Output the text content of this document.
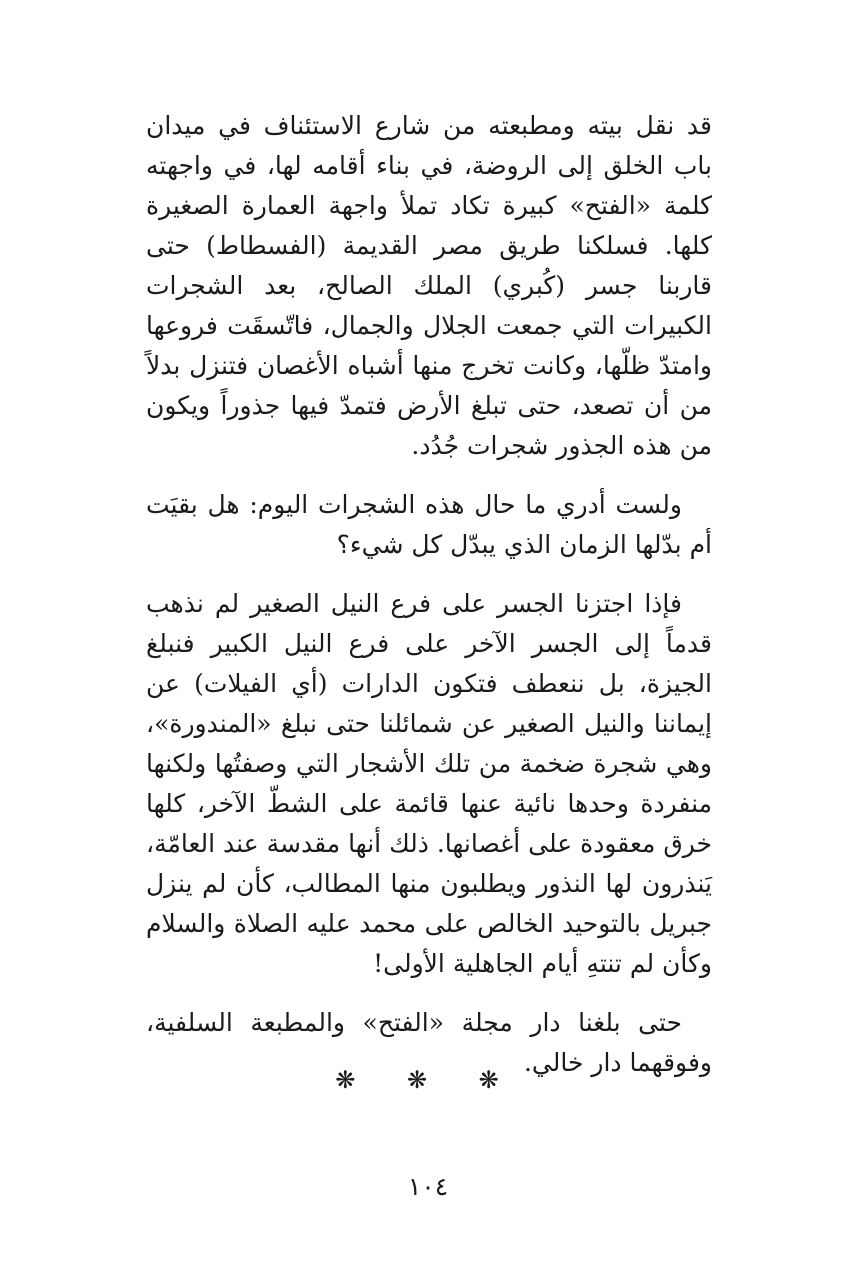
قد نقل بيته ومطبعته من شارع الاستئناف في ميدان باب الخلق إلى الروضة، في بناء أقامه لها، في واجهته كلمة «الفتح» كبيرة تكاد تملأ واجهة العمارة الصغيرة كلها. فسلكنا طريق مصر القديمة (الفسطاط) حتى قاربنا جسر (كُبري) الملك الصالح، بعد الشجرات الكبيرات التي جمعت الجلال والجمال، فاتّسقَت فروعها وامتدّ ظلّها، وكانت تخرج منها أشباه الأغصان فتنزل بدلاً من أن تصعد، حتى تبلغ الأرض فتمدّ فيها جذوراً ويكون من هذه الجذور شجرات جُدُد.

ولست أدري ما حال هذه الشجرات اليوم: هل بقيَت أم بدّلها الزمان الذي يبدّل كل شيء؟

فإذا اجتزنا الجسر على فرع النيل الصغير لم نذهب قدماً إلى الجسر الآخر على فرع النيل الكبير فنبلغ الجيزة، بل ننعطف فتكون الدارات (أي الفيلات) عن إيماننا والنيل الصغير عن شمائلنا حتى نبلغ «المندورة»، وهي شجرة ضخمة من تلك الأشجار التي وصفتُها ولكنها منفردة وحدها نائية عنها قائمة على الشطّ الآخر، كلها خرق معقودة على أغصانها. ذلك أنها مقدسة عند العامّة، يَنذرون لها النذور ويطلبون منها المطالب، كأن لم ينزل جبريل بالتوحيد الخالص على محمد عليه الصلاة والسلام وكأن لم تنتهِ أيام الجاهلية الأولى!

حتى بلغنا دار مجلة «الفتح» والمطبعة السلفية، وفوقهما دار خالي.

❋ ❋ ❋
١٠٤
